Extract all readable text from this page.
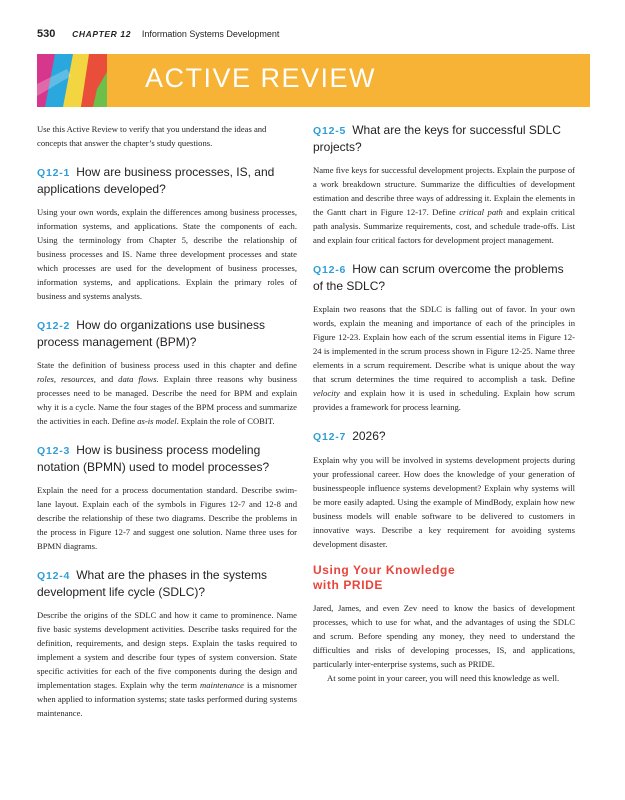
530 CHAPTER 12 Information Systems Development
ACTIVE REVIEW

Use this Active Review to verify that you understand the ideas and concepts that answer the chapter’s study questions.

Q12-1 How are business processes, IS, and applications developed?

Using your own words, explain the differences among business processes, information systems, and applications. State the components of each. Using the terminology from Chapter 5, describe the relationship of business processes and IS. Name three development processes and state which processes are used for the development of business processes, information systems, and applications. Explain the primary roles of business and systems analysts.

Q12-2 How do organizations use business process management (BPM)?

State the definition of business process used in this chapter and define roles, resources, and data flows. Explain three reasons why business processes need to be managed. Describe the need for BPM and explain why it is a cycle. Name the four stages of the BPM process and summarize the activities in each. Define as-is model. Explain the role of COBIT.

Q12-3 How is business process modeling notation (BPMN) used to model processes?

Explain the need for a process documentation standard. Describe swim-lane layout. Explain each of the symbols in Figures 12-7 and 12-8 and describe the relationship of these two diagrams. Describe the problems in the process in Figure 12-7 and suggest one solution. Name three uses for BPMN diagrams.

Q12-4 What are the phases in the systems development life cycle (SDLC)?

Describe the origins of the SDLC and how it came to prominence. Name five basic systems development activities. Describe tasks required for the definition, requirements, and design steps. Explain the tasks required to implement a system and describe four types of system conversion. State specific activities for each of the five components during the design and implementation stages. Explain why the term maintenance is a misnomer when applied to information systems; state tasks performed during systems maintenance.

Q12-5 What are the keys for successful SDLC projects?

Name five keys for successful development projects. Explain the purpose of a work breakdown structure. Summarize the difficulties of development estimation and describe three ways of addressing it. Explain the elements in the Gantt chart in Figure 12-17. Define critical path and explain critical path analysis. Summarize requirements, cost, and schedule trade-offs. List and explain four critical factors for development project management.

Q12-6 How can scrum overcome the problems of the SDLC?

Explain two reasons that the SDLC is falling out of favor. In your own words, explain the meaning and importance of each of the principles in Figure 12-23. Explain how each of the scrum essential items in Figure 12-24 is implemented in the scrum process shown in Figure 12-25. Name three elements in a scrum requirement. Describe what is unique about the way that scrum determines the time required to accomplish a task. Define velocity and explain how it is used in scheduling. Explain how scrum provides a framework for process learning.

Q12-7 2026?

Explain why you will be involved in systems development projects during your professional career. How does the knowledge of your generation of businesspeople influence systems development? Explain why systems will be more easily adapted. Using the example of MindBody, explain how new business models will enable software to be delivered to customers in innovative ways. Describe a key requirement for avoiding systems development disaster.

Using Your Knowledge
with PRIDE

Jared, James, and even Zev need to know the basics of development processes, which to use for what, and the advantages of using the SDLC and scrum. Before spending any money, they need to understand the difficulties and risks of developing processes, IS, and applications, particularly inter-enterprise systems, such as PRIDE.

At some point in your career, you will need this knowledge as well.
